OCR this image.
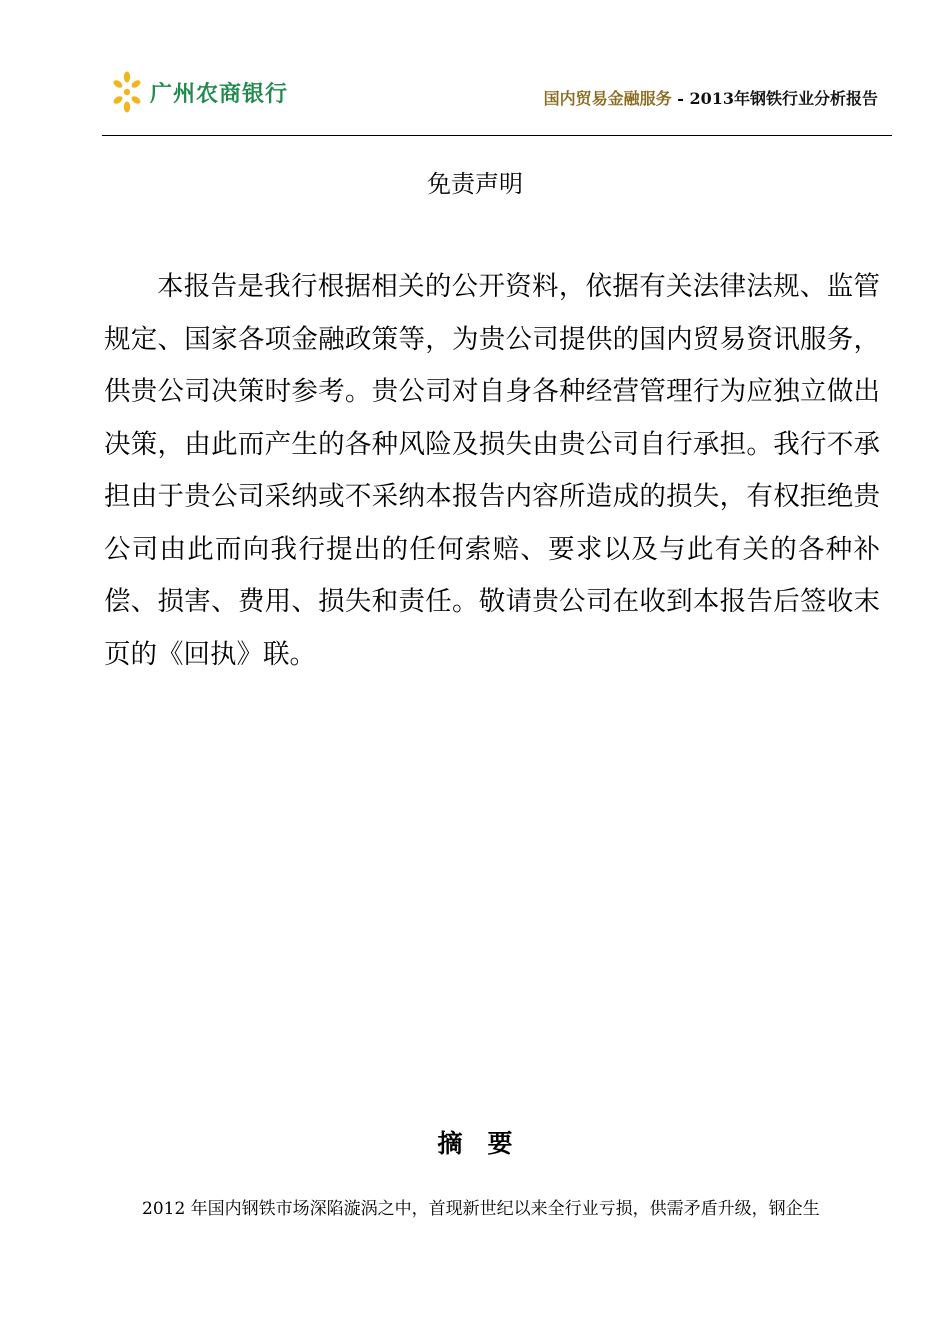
广州农商银行	国内贸易金融服务 - 2013年钢铁行业分析报告
免责声明

本报告是我行根据相关的公开资料，依据有关法律法规、监管规定、国家各项金融政策等，为贵公司提供的国内贸易资讯服务，供贵公司决策时参考。贵公司对自身各种经营管理行为应独立做出决策，由此而产生的各种风险及损失由贵公司自行承担。我行不承担由于贵公司采纳或不采纳本报告内容所造成的损失，有权拒绝贵公司由此而向我行提出的任何索赔、要求以及与此有关的各种补偿、损害、费用、损失和责任。敬请贵公司在收到本报告后签收末页的《回执》联。

摘要

2012 年国内钢铁市场深陷漩涡之中，首现新世纪以来全行业亏损，供需矛盾升级，钢企生
